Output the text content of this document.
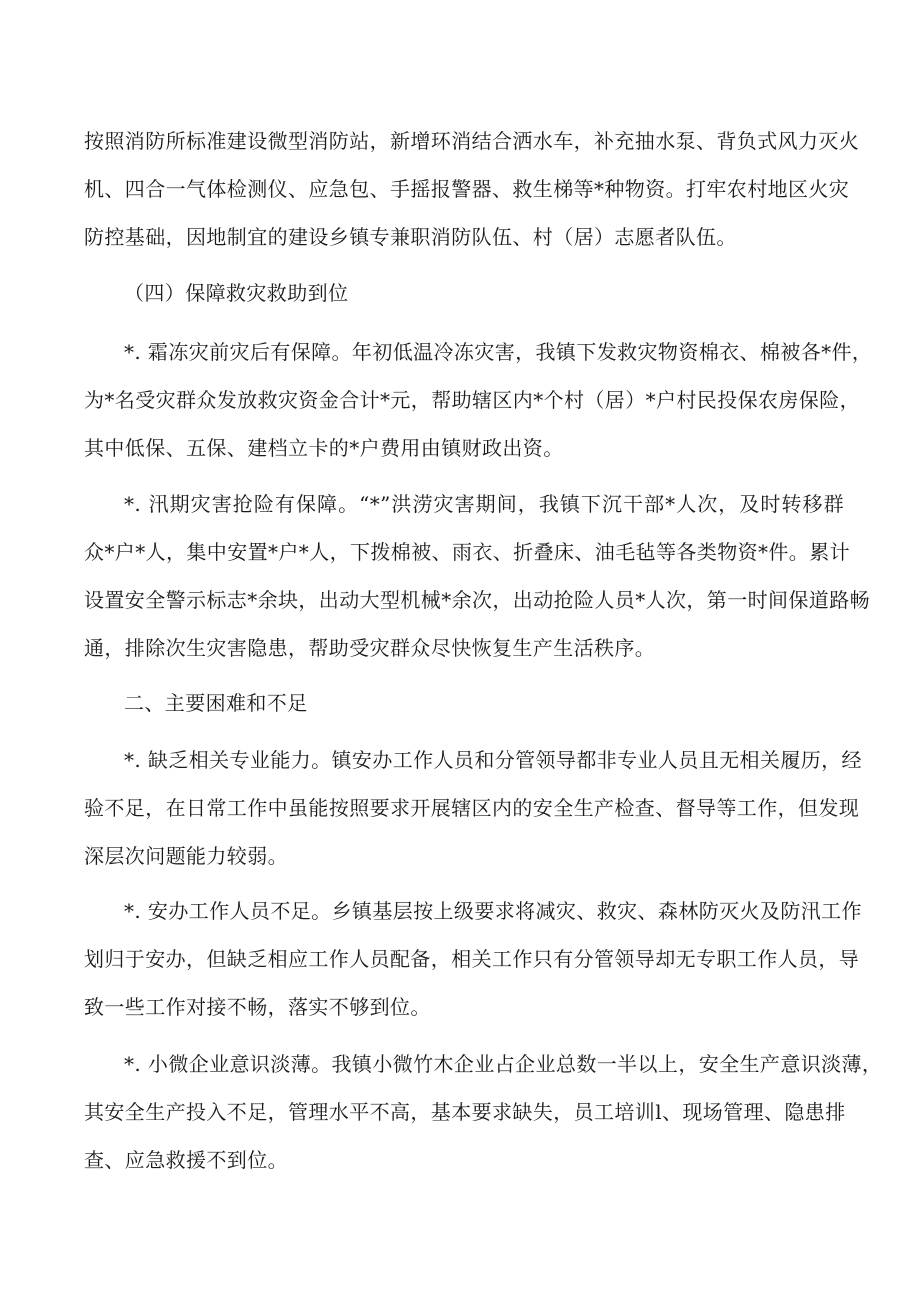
按照消防所标准建设微型消防站，新增环消结合洒水车，补充抽水泵、背负式风力灭火
机、四合一气体检测仪、应急包、手摇报警器、救生梯等*种物资。打牢农村地区火灾
防控基础，因地制宜的建设乡镇专兼职消防队伍、村（居）志愿者队伍。
（四）保障救灾救助到位
*. 霜冻灾前灾后有保障。年初低温冷冻灾害，我镇下发救灾物资棉衣、棉被各*件，
为*名受灾群众发放救灾资金合计*元，帮助辖区内*个村（居）*户村民投保农房保险，
其中低保、五保、建档立卡的*户费用由镇财政出资。
*. 汛期灾害抢险有保障。“*”洪涝灾害期间，我镇下沉干部*人次，及时转移群
众*户*人，集中安置*户*人，下拨棉被、雨衣、折叠床、油毛毡等各类物资*件。累计
设置安全警示标志*余块，出动大型机械*余次，出动抢险人员*人次，第一时间保道路畅
通，排除次生灾害隐患，帮助受灾群众尽快恢复生产生活秩序。
二、主要困难和不足
*. 缺乏相关专业能力。镇安办工作人员和分管领导都非专业人员且无相关履历，经
验不足，在日常工作中虽能按照要求开展辖区内的安全生产检查、督导等工作，但发现
深层次问题能力较弱。
*. 安办工作人员不足。乡镇基层按上级要求将减灾、救灾、森林防灭火及防汛工作
划归于安办，但缺乏相应工作人员配备，相关工作只有分管领导却无专职工作人员，导
致一些工作对接不畅，落实不够到位。
*. 小微企业意识淡薄。我镇小微竹木企业占企业总数一半以上，安全生产意识淡薄，
其安全生产投入不足，管理水平不高，基本要求缺失，员工培训l、现场管理、隐患排
查、应急救援不到位。
